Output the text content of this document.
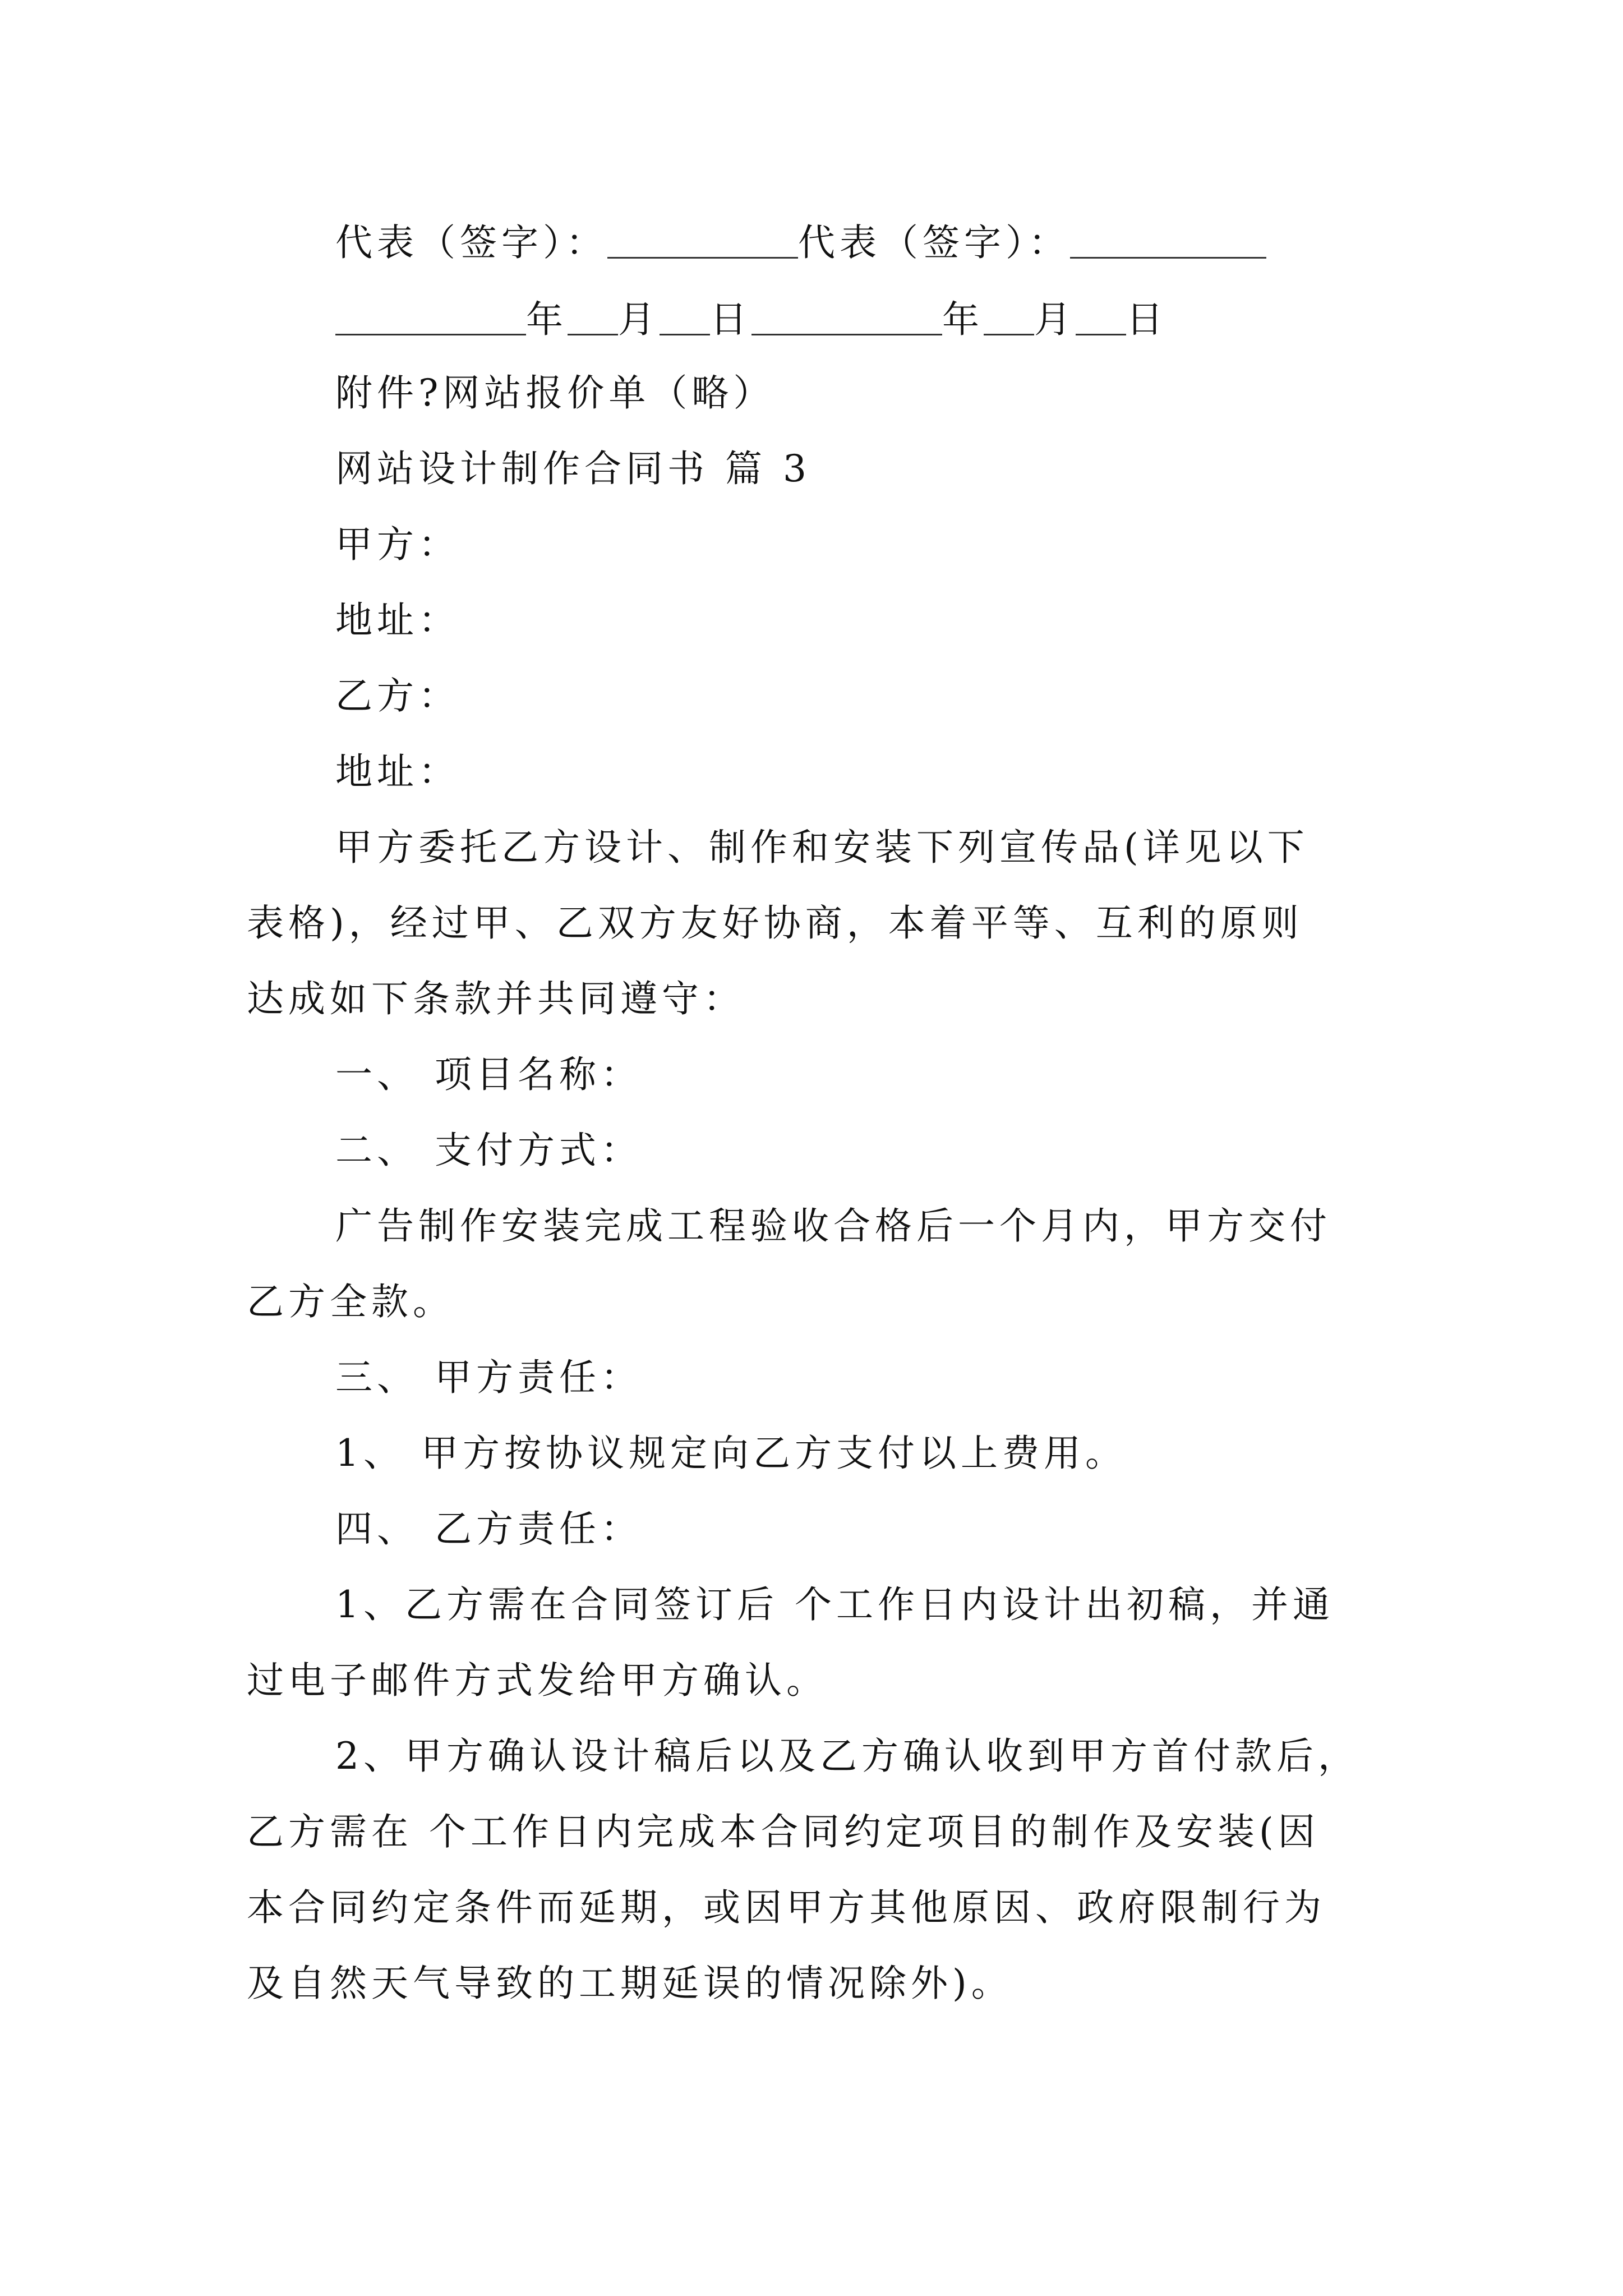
代表（签字）：	代表（签字）：
年 月 日	年 月 日
附件?网站报价单（略）
网站设计制作合同书 篇 3
甲方：
地址：
乙方：
地址：
甲方委托乙方设计、制作和安装下列宣传品(详见以下
表格)，经过甲、乙双方友好协商，本着平等、互利的原则
达成如下条款并共同遵守：
一、 项目名称：
二、 支付方式：
广告制作安装完成工程验收合格后一个月内，甲方交付
乙方全款。
三、 甲方责任：
1、 甲方按协议规定向乙方支付以上费用。
四、 乙方责任：
1、乙方需在合同签订后 个工作日内设计出初稿，并通
过电子邮件方式发给甲方确认。
2、甲方确认设计稿后以及乙方确认收到甲方首付款后，
乙方需在 个工作日内完成本合同约定项目的制作及安装(因
本合同约定条件而延期，或因甲方其他原因、政府限制行为
及自然天气导致的工期延误的情况除外)。
